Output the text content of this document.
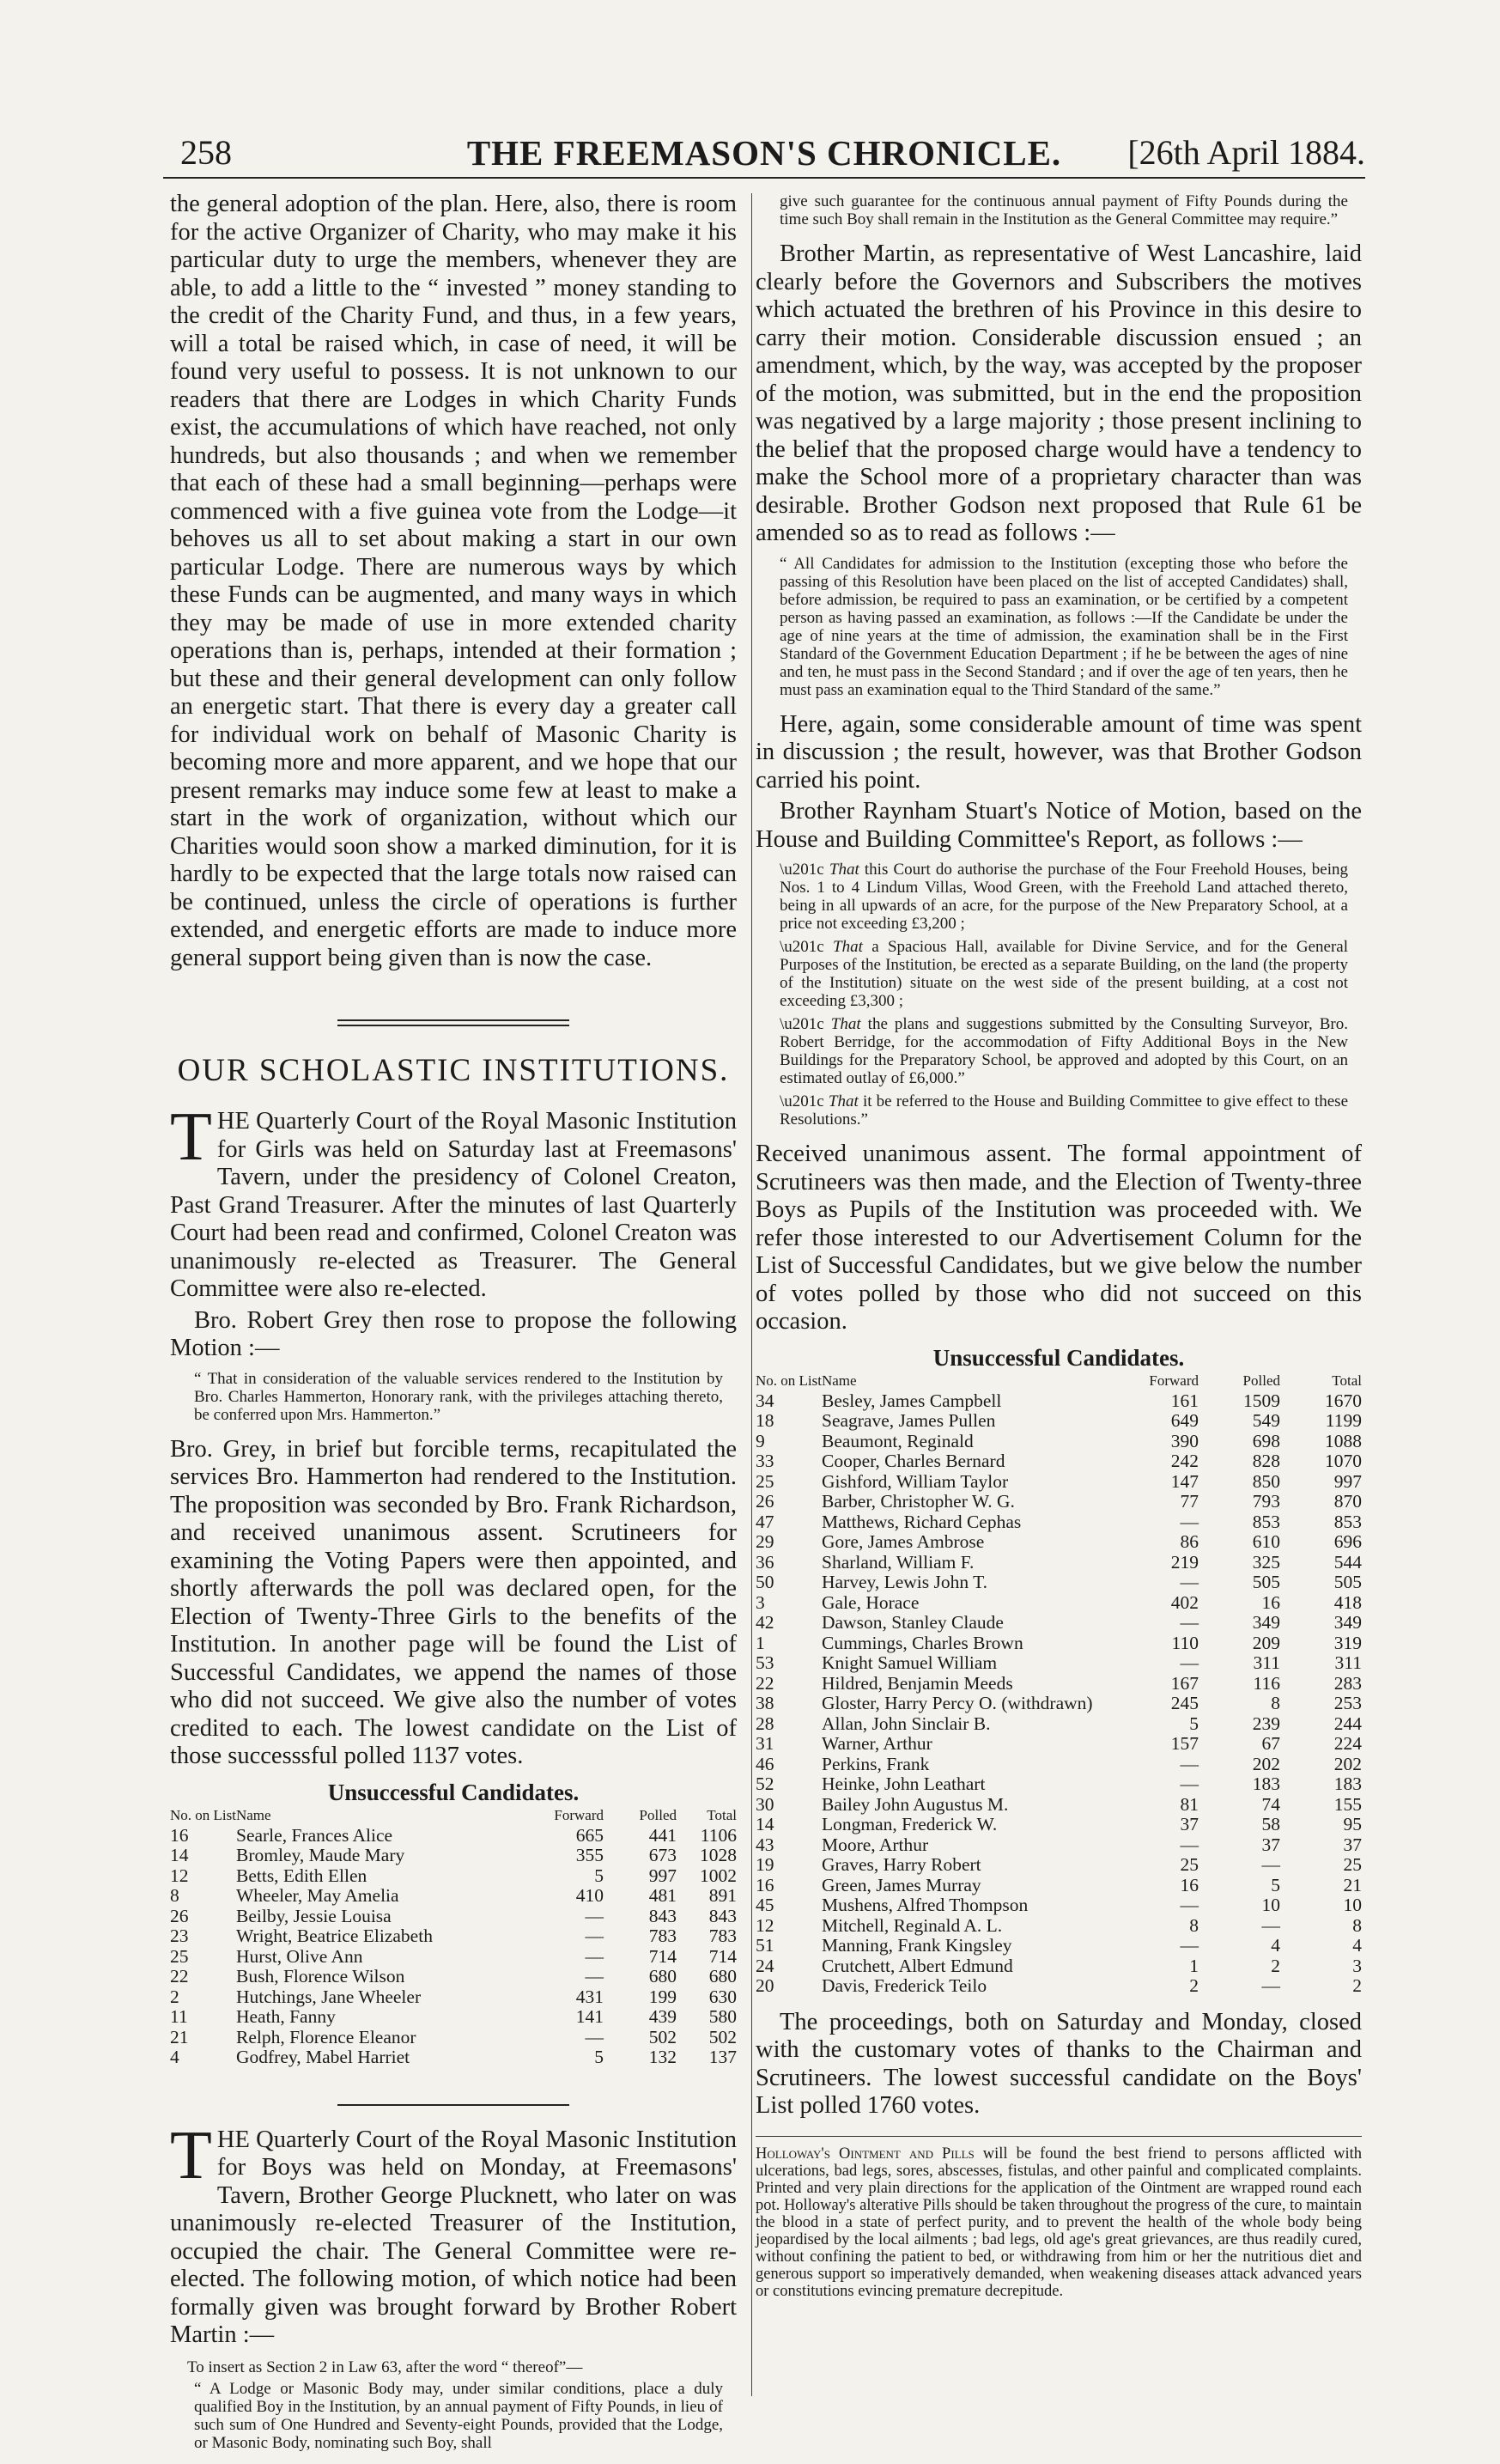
258	THE FREEMASON'S CHRONICLE.	[26th April 1884.

the general adoption of the plan. Here, also, there is room for the active Organizer of Charity, who may make it his particular duty to urge the members, whenever they are able, to add a little to the “ invested ” money standing to the credit of the Charity Fund, and thus, in a few years, will a total be raised which, in case of need, it will be found very useful to possess. It is not unknown to our readers that there are Lodges in which Charity Funds exist, the accumulations of which have reached, not only hundreds, but also thousands ; and when we remember that each of these had a small beginning—perhaps were commenced with a five guinea vote from the Lodge—it behoves us all to set about making a start in our own particular Lodge. There are numerous ways by which these Funds can be augmented, and many ways in which they may be made of use in more extended charity operations than is, perhaps, intended at their formation ; but these and their general development can only follow an energetic start. That there is every day a greater call for individual work on behalf of Masonic Charity is becoming more and more apparent, and we hope that our present remarks may induce some few at least to make a start in the work of organization, without which our Charities would soon show a marked diminution, for it is hardly to be expected that the large totals now raised can be continued, unless the circle of operations is further extended, and energetic efforts are made to induce more general support being given than is now the case.

OUR SCHOLASTIC INSTITUTIONS.

THE Quarterly Court of the Royal Masonic Institution for Girls was held on Saturday last at Freemasons' Tavern, under the presidency of Colonel Creaton, Past Grand Treasurer. After the minutes of last Quarterly Court had been read and confirmed, Colonel Creaton was unanimously re-elected as Treasurer. The General Committee were also re-elected.

Bro. Robert Grey then rose to propose the following Motion :—

“ That in consideration of the valuable services rendered to the Institution by Bro. Charles Hammerton, Honorary rank, with the privileges attaching thereto, be conferred upon Mrs. Hammerton.”

Bro. Grey, in brief but forcible terms, recapitulated the services Bro. Hammerton had rendered to the Institution. The proposition was seconded by Bro. Frank Richardson, and received unanimous assent. Scrutineers for examining the Voting Papers were then appointed, and shortly afterwards the poll was declared open, for the Election of Twenty-Three Girls to the benefits of the Institution. In another page will be found the List of Successful Candidates, we append the names of those who did not succeed. We give also the number of votes credited to each. The lowest candidate on the List of those successsful polled 1137 votes.

Unsuccessful Candidates.
No. on List	Name	Forward	Polled	Total
16	Searle, Frances Alice	665	441	1106
14	Bromley, Maude Mary	355	673	1028
12	Betts, Edith Ellen	5	997	1002
8	Wheeler, May Amelia	410	481	891
26	Beilby, Jessie Louisa	—	843	843
23	Wright, Beatrice Elizabeth	—	783	783
25	Hurst, Olive Ann	—	714	714
22	Bush, Florence Wilson	—	680	680
2	Hutchings, Jane Wheeler	431	199	630
11	Heath, Fanny	141	439	580
21	Relph, Florence Eleanor	—	502	502
4	Godfrey, Mabel Harriet	5	132	137

THE Quarterly Court of the Royal Masonic Institution for Boys was held on Monday, at Freemasons' Tavern, Brother George Plucknett, who later on was unanimously re-elected Treasurer of the Institution, occupied the chair. The General Committee were re-elected. The following motion, of which notice had been formally given was brought forward by Brother Robert Martin :—

To insert as Section 2 in Law 63, after the word “ thereof”—
“ A Lodge or Masonic Body may, under similar conditions, place a duly qualified Boy in the Institution, by an annual payment of Fifty Pounds, in lieu of such sum of One Hundred and Seventy-eight Pounds, provided that the Lodge, or Masonic Body, nominating such Boy, shall
give such guarantee for the continuous annual payment of Fifty Pounds during the time such Boy shall remain in the Institution as the General Committee may require.”

Brother Martin, as representative of West Lancashire, laid clearly before the Governors and Subscribers the motives which actuated the brethren of his Province in this desire to carry their motion. Considerable discussion ensued ; an amendment, which, by the way, was accepted by the proposer of the motion, was submitted, but in the end the proposition was negatived by a large majority ; those present inclining to the belief that the proposed charge would have a tendency to make the School more of a proprietary character than was desirable. Brother Godson next proposed that Rule 61 be amended so as to read as follows :—

“ All Candidates for admission to the Institution (excepting those who before the passing of this Resolution have been placed on the list of accepted Candidates) shall, before admission, be required to pass an examination, or be certified by a competent person as having passed an examination, as follows :—If the Candidate be under the age of nine years at the time of admission, the examination shall be in the First Standard of the Government Education Department ; if he be between the ages of nine and ten, he must pass in the Second Standard ; and if over the age of ten years, then he must pass an examination equal to the Third Standard of the same.”

Here, again, some considerable amount of time was spent in discussion ; the result, however, was that Brother Godson carried his point.

Brother Raynham Stuart's Notice of Motion, based on the House and Building Committee's Report, as follows :—

\u201c That this Court do authorise the purchase of the Four Freehold Houses, being Nos. 1 to 4 Lindum Villas, Wood Green, with the Freehold Land attached thereto, being in all upwards of an acre, for the purpose of the New Preparatory School, at a price not exceeding £3,200 ;
\u201c That a Spacious Hall, available for Divine Service, and for the General Purposes of the Institution, be erected as a separate Building, on the land (the property of the Institution) situate on the west side of the present building, at a cost not exceeding £3,300 ;
\u201c That the plans and suggestions submitted by the Consulting Surveyor, Bro. Robert Berridge, for the accommodation of Fifty Additional Boys in the New Buildings for the Preparatory School, be approved and adopted by this Court, on an estimated outlay of £6,000.”
\u201c That it be referred to the House and Building Committee to give effect to these Resolutions.”

Received unanimous assent. The formal appointment of Scrutineers was then made, and the Election of Twenty-three Boys as Pupils of the Institution was proceeded with. We refer those interested to our Advertisement Column for the List of Successful Candidates, but we give below the number of votes polled by those who did not succeed on this occasion.

Unsuccessful Candidates.
No. on List	Name	Forward	Polled	Total
34	Besley, James Campbell	161	1509	1670
18	Seagrave, James Pullen	649	549	1199
9	Beaumont, Reginald	390	698	1088
33	Cooper, Charles Bernard	242	828	1070
25	Gishford, William Taylor	147	850	997
26	Barber, Christopher W. G.	77	793	870
47	Matthews, Richard Cephas	—	853	853
29	Gore, James Ambrose	86	610	696
36	Sharland, William F.	219	325	544
50	Harvey, Lewis John T.	—	505	505
3	Gale, Horace	402	16	418
42	Dawson, Stanley Claude	—	349	349
1	Cummings, Charles Brown	110	209	319
53	Knight Samuel William	—	311	311
22	Hildred, Benjamin Meeds	167	116	283
38	Gloster, Harry Percy O. (withdrawn)	245	8	253
28	Allan, John Sinclair B.	5	239	244
31	Warner, Arthur	157	67	224
46	Perkins, Frank	—	202	202
52	Heinke, John Leathart	—	183	183
30	Bailey John Augustus M.	81	74	155
14	Longman, Frederick W.	37	58	95
43	Moore, Arthur	—	37	37
19	Graves, Harry Robert	25	—	25
16	Green, James Murray	16	5	21
45	Mushens, Alfred Thompson	—	10	10
12	Mitchell, Reginald A. L.	8	—	8
51	Manning, Frank Kingsley	—	4	4
24	Crutchett, Albert Edmund	1	2	3
20	Davis, Frederick Teilo	2	—	2

The proceedings, both on Saturday and Monday, closed with the customary votes of thanks to the Chairman and Scrutineers. The lowest successful candidate on the Boys' List polled 1760 votes.

Holloway's Ointment and Pills will be found the best friend to persons afflicted with ulcerations, bad legs, sores, abscesses, fistulas, and other painful and complicated complaints. Printed and very plain directions for the application of the Ointment are wrapped round each pot. Holloway's alterative Pills should be taken throughout the progress of the cure, to maintain the blood in a state of perfect purity, and to prevent the health of the whole body being jeopardised by the local ailments ; bad legs, old age's great grievances, are thus readily cured, without confining the patient to bed, or withdrawing from him or her the nutritious diet and generous support so imperatively demanded, when weakening diseases attack advanced years or constitutions evincing premature decrepitude.
